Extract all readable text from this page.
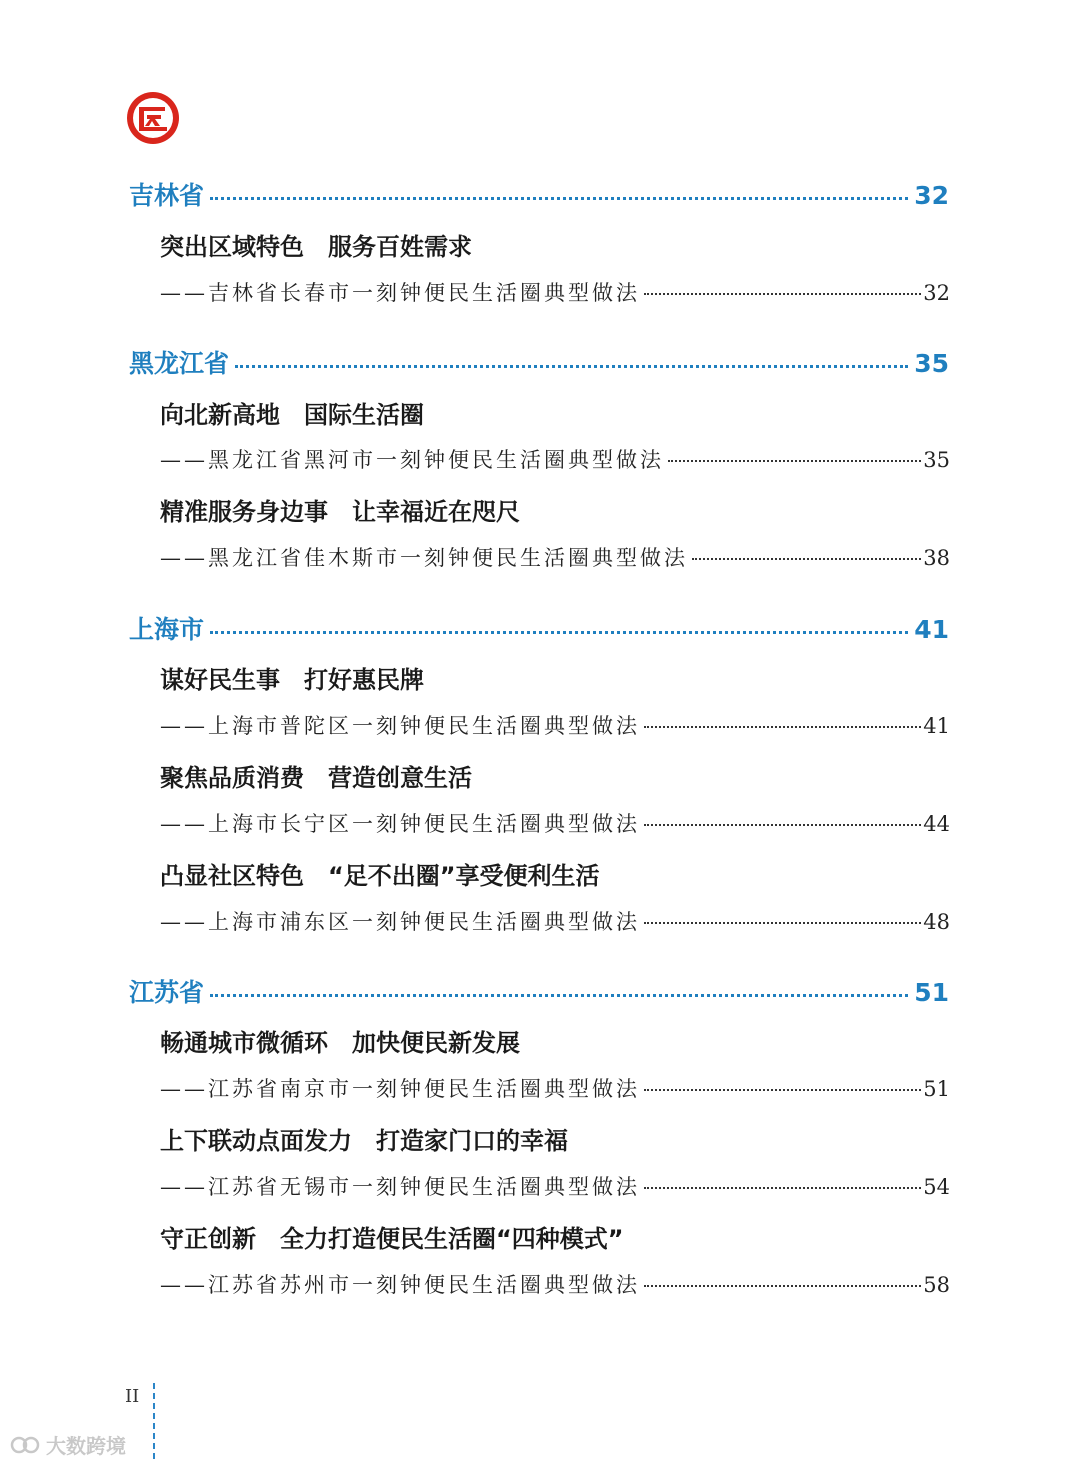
吉林省	32
突出区域特色　服务百姓需求
——吉林省长春市一刻钟便民生活圈典型做法	32
黑龙江省	35
向北新高地　国际生活圈
——黑龙江省黑河市一刻钟便民生活圈典型做法	35
精准服务身边事　让幸福近在咫尺
——黑龙江省佳木斯市一刻钟便民生活圈典型做法	38
上海市	41
谋好民生事　打好惠民牌
——上海市普陀区一刻钟便民生活圈典型做法	41
聚焦品质消费　营造创意生活
——上海市长宁区一刻钟便民生活圈典型做法	44
凸显社区特色　“足不出圈”享受便利生活
——上海市浦东区一刻钟便民生活圈典型做法	48
江苏省	51
畅通城市微循环　加快便民新发展
——江苏省南京市一刻钟便民生活圈典型做法	51
上下联动点面发力　打造家门口的幸福
——江苏省无锡市一刻钟便民生活圈典型做法	54
守正创新　全力打造便民生活圈“四种模式”
——江苏省苏州市一刻钟便民生活圈典型做法	58
II
大数跨境
